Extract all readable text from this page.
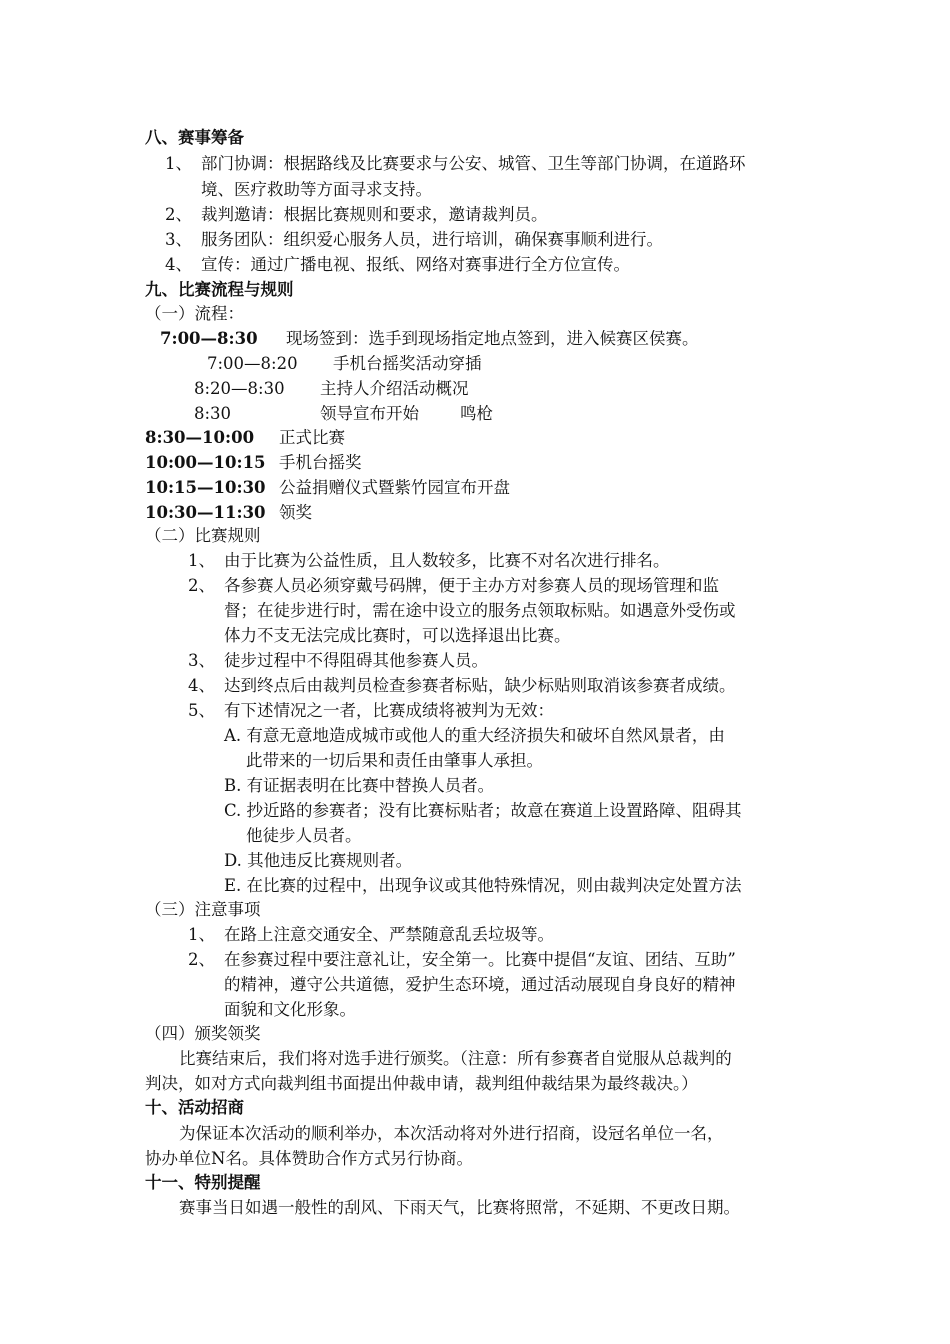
八、赛事筹备
1、 部门协调：根据路线及比赛要求与公安、城管、卫生等部门协调，在道路环
境、医疗救助等方面寻求支持。
2、 裁判邀请：根据比赛规则和要求，邀请裁判员。
3、 服务团队：组织爱心服务人员，进行培训，确保赛事顺利进行。
4、 宣传：通过广播电视、报纸、网络对赛事进行全方位宣传。
九、比赛流程与规则
（一）流程：
7:00—8:30 现场签到：选手到现场指定地点签到，进入候赛区侯赛。
7:00—8:20 手机台摇奖活动穿插
8:20—8:30 主持人介绍活动概况
8:30	领导宣布开始 鸣枪
8:30—10:00 正式比赛
10:00—10:15 手机台摇奖
10:15—10:30 公益捐赠仪式暨紫竹园宣布开盘
10:30—11:30 领奖
（二）比赛规则
1、 由于比赛为公益性质，且人数较多，比赛不对名次进行排名。
2、 各参赛人员必须穿戴号码牌，便于主办方对参赛人员的现场管理和监
督；在徒步进行时，需在途中设立的服务点领取标贴。如遇意外受伤或
体力不支无法完成比赛时，可以选择退出比赛。
3、 徒步过程中不得阻碍其他参赛人员。
4、 达到终点后由裁判员检查参赛者标贴，缺少标贴则取消该参赛者成绩。
5、 有下述情况之一者，比赛成绩将被判为无效：
A. 有意无意地造成城市或他人的重大经济损失和破坏自然风景者，由
此带来的一切后果和责任由肇事人承担。
B. 有证据表明在比赛中替换人员者。
C. 抄近路的参赛者；没有比赛标贴者；故意在赛道上设置路障、阻碍其
他徒步人员者。
D. 其他违反比赛规则者。
E. 在比赛的过程中，出现争议或其他特殊情况，则由裁判决定处置方法
（三）注意事项
1、 在路上注意交通安全、严禁随意乱丢垃圾等。
2、 在参赛过程中要注意礼让，安全第一。比赛中提倡“友谊、团结、互助”
的精神，遵守公共道德，爱护生态环境，通过活动展现自身良好的精神
面貌和文化形象。
（四）颁奖领奖
比赛结束后，我们将对选手进行颁奖。（注意：所有参赛者自觉服从总裁判的
判决，如对方式向裁判组书面提出仲裁申请，裁判组仲裁结果为最终裁决。）
十、活动招商
为保证本次活动的顺利举办，本次活动将对外进行招商，设冠名单位一名，
协办单位N名。具体赞助合作方式另行协商。
十一、特别提醒
赛事当日如遇一般性的刮风、下雨天气，比赛将照常，不延期、不更改日期。
